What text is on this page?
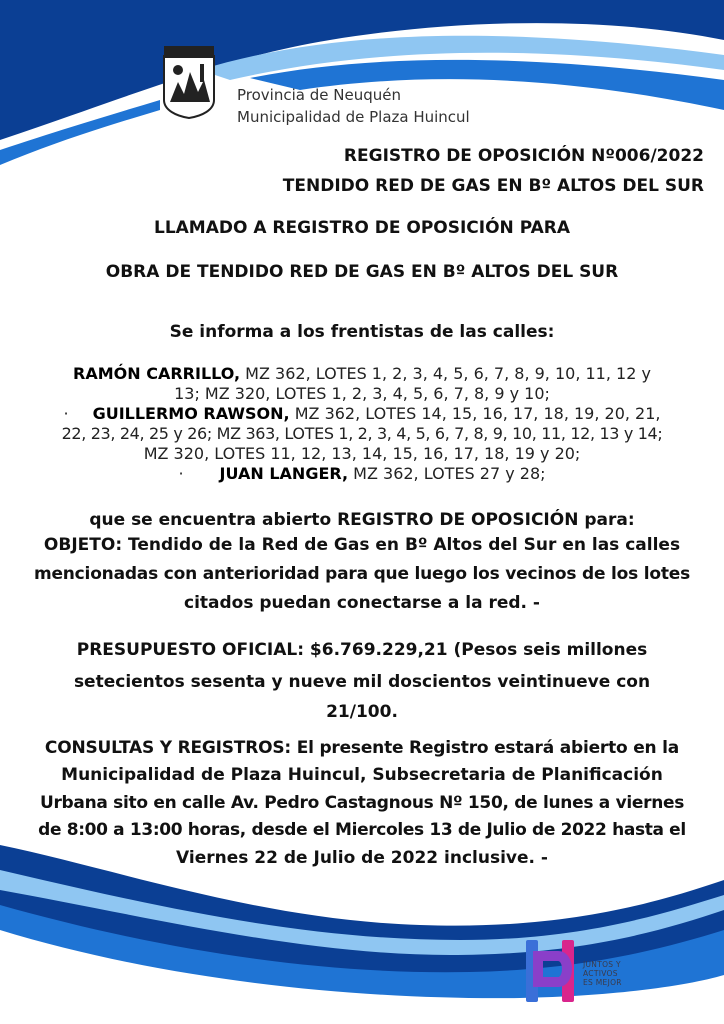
Provincia de Neuquén
Municipalidad de Plaza Huincul
REGISTRO DE OPOSICIÓN Nº006/2022
TENDIDO RED DE GAS EN Bº ALTOS DEL SUR
LLAMADO A REGISTRO DE OPOSICIÓN PARA
OBRA DE TENDIDO RED DE GAS EN Bº ALTOS DEL SUR
Se informa a los frentistas de las calles:
RAMÓN CARRILLO, MZ 362, LOTES 1, 2, 3, 4, 5, 6, 7, 8, 9, 10, 11, 12 y
13; MZ 320, LOTES 1, 2, 3, 4, 5, 6, 7, 8, 9 y 10;
· GUILLERMO RAWSON, MZ 362, LOTES 14, 15, 16, 17, 18, 19, 20, 21,
22, 23, 24, 25 y 26; MZ 363, LOTES 1, 2, 3, 4, 5, 6, 7, 8, 9, 10, 11, 12, 13 y 14;
MZ 320, LOTES 11, 12, 13, 14, 15, 16, 17, 18, 19 y 20;
· JUAN LANGER, MZ 362, LOTES 27 y 28;
que se encuentra abierto REGISTRO DE OPOSICIÓN para:
OBJETO: Tendido de la Red de Gas en Bº Altos del Sur en las calles
mencionadas con anterioridad para que luego los vecinos de los lotes
citados puedan conectarse a la red. -
PRESUPUESTO OFICIAL: $6.769.229,21 (Pesos seis millones
setecientos sesenta y nueve mil doscientos veintinueve con
21/100.
CONSULTAS Y REGISTROS: El presente Registro estará abierto en la
Municipalidad de Plaza Huincul, Subsecretaria de Planificación
Urbana sito en calle Av. Pedro Castagnous Nº 150, de lunes a viernes
de 8:00 a 13:00 horas, desde el Miercoles 13 de Julio de 2022 hasta el
Viernes 22 de Julio de 2022 inclusive. -
JUNTOS Y
ACTIVOS
ES MEJOR
